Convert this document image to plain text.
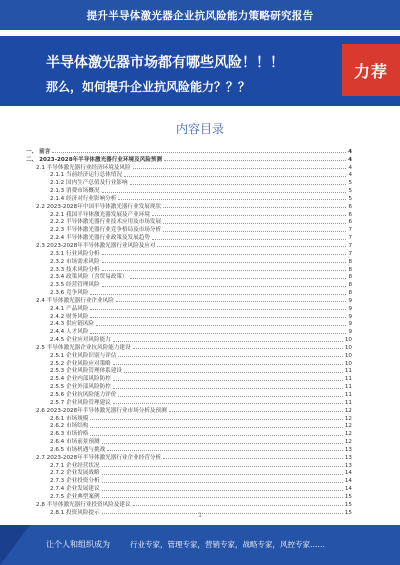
提升半导体激光器企业抗风险能力策略研究报告
半导体激光器市场都有哪些风险！！！
那么，如何提升企业抗风险能力？？？
力荐
内容目录
一、 前言	4
二、 2023-2028年半导体激光器行业环境及风险预测	4
2.1 半导体激光器行业经济环境及风险	4
2.1.1 当前经济运行总体情况	4
2.1.2 国内生产总值及行业影响	5
2.1.3 消费市场概况	5
2.1.4 经济对行业影响分析	5
2.2 2023-2028年中国半导体激光器行业发展现状	6
2.2.1 我国半导体激光器发展及产业环境	6
2.2.2 半导体激光器行业技术应用及市场发展	6
2.2.3 半导体激光器行业竞争格局及市场分析	7
2.2.4 半导体激光器行业政策及发展趋势	7
2.3 2023-2028年半导体激光器行业风险及应对	7
2.3.1 行业风险分析	7
2.3.2 市场需求风险	8
2.3.3 技术风险分析	8
2.3.4 政策风险（含贸易政策）	8
2.3.5 经营管理风险	8
2.3.6 竞争风险	8
2.4 半导体激光器行业企业风险	9
2.4.1 产品风险	9
2.4.2 财务风险	9
2.4.3 供应链风险	9
2.4.4 人才风险	9
2.4.5 企业应对风险能力	10
2.5 半导体激光器企业抗风险能力建设	10
2.5.1 企业风险识别与评估	10
2.5.2 企业风险应对策略	10
2.5.3 企业风险管理体系建设	11
2.5.4 企业内部风险防控	11
2.5.5 企业外部风险防控	11
2.5.6 企业抗风险能力评价	11
2.5.7 企业风险管理建议	11
2.6 2023-2028年半导体激光器行业市场分析及预测	12
2.6.1 市场规模	12
2.6.2 市场结构	12
2.6.3 市场价格	12
2.6.4 市场前景预测	12
2.6.5 市场机遇与挑战	13
2.7 2023-2028年半导体激光器行业企业经营分析	13
2.7.1 企业经营状况	13
2.7.2 企业发展战略	14
2.7.3 企业投资分析	14
2.7.4 企业发展建议	14
2.7.5 企业典型案例	15
2.8 半导体激光器行业投资风险及建议	15
2.8.1 投资风险提示	15
1
让个人和组织成为	行业专家，管理专家，营销专家，战略专家，风控专家……
